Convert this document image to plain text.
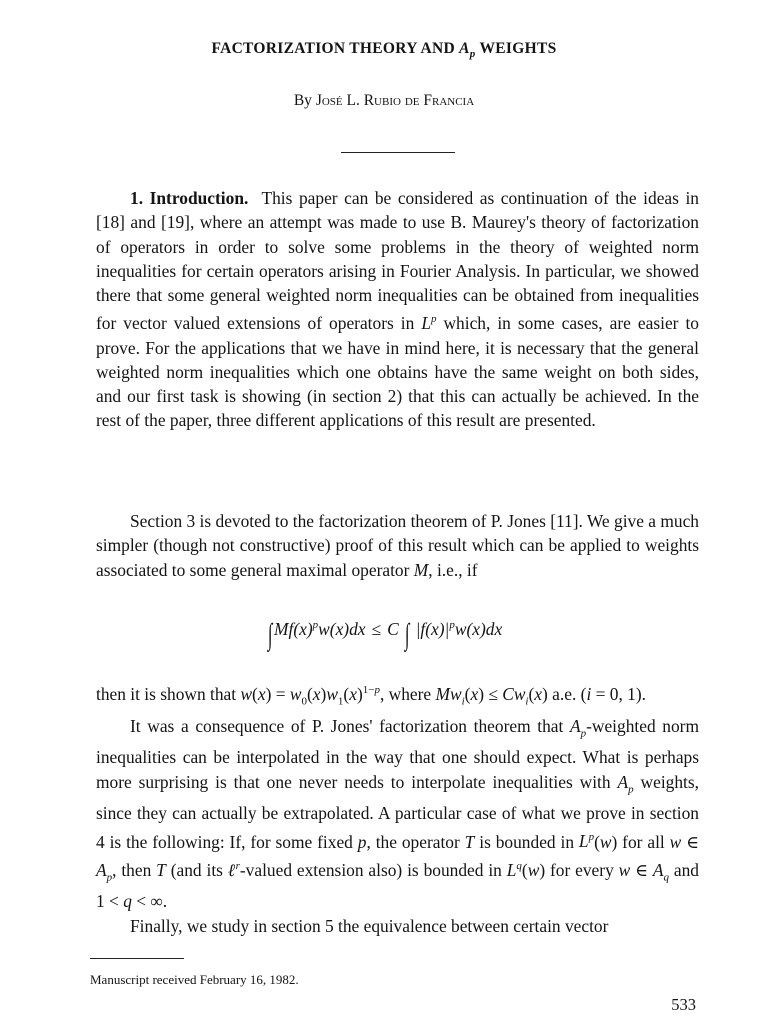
FACTORIZATION THEORY AND $A_p$ WEIGHTS
By José L. Rubio de Francia

1. Introduction.  This paper can be considered as continuation of the ideas in [18] and [19], where an attempt was made to use B. Maurey's theory of factorization of operators in order to solve some problems in the theory of weighted norm inequalities for certain operators arising in Fourier Analysis. In particular, we showed there that some general weighted norm inequalities can be obtained from inequalities for vector valued extensions of operators in $L^p$ which, in some cases, are easier to prove. For the applications that we have in mind here, it is necessary that the general weighted norm inequalities which one obtains have the same weight on both sides, and our first task is showing (in section 2) that this can actually be achieved. In the rest of the paper, three different applications of this result are presented.

Section 3 is devoted to the factorization theorem of P. Jones [11]. We give a much simpler (though not constructive) proof of this result which can be applied to weights associated to some general maximal operator M, i.e., if

∫ $Mf(x)^pw(x)dx \le C$ ∫ $|f(x)|^pw(x)dx$

then it is shown that $w(x) = w_0(x)w_1(x)^{1-p}$, where $Mw_i(x) \le Cw_i(x)$ a.e. (i = 0, 1).

It was a consequence of P. Jones' factorization theorem that $A_p$-weighted norm inequalities can be interpolated in the way that one should expect. What is perhaps more surprising is that one never needs to interpolate inequalities with $A_p$ weights, since they can actually be extrapolated. A particular case of what we prove in section 4 is the following: If, for some fixed p, the operator T is bounded in $L^p(w)$ for all w ∈ $A_p$, then T (and its ℓ$^r$-valued extension also) is bounded in $L^q(w)$ for every w ∈ $A_q$ and 1 < q < ∞.

Finally, we study in section 5 the equivalence between certain vector

Manuscript received February 16, 1982.
533
